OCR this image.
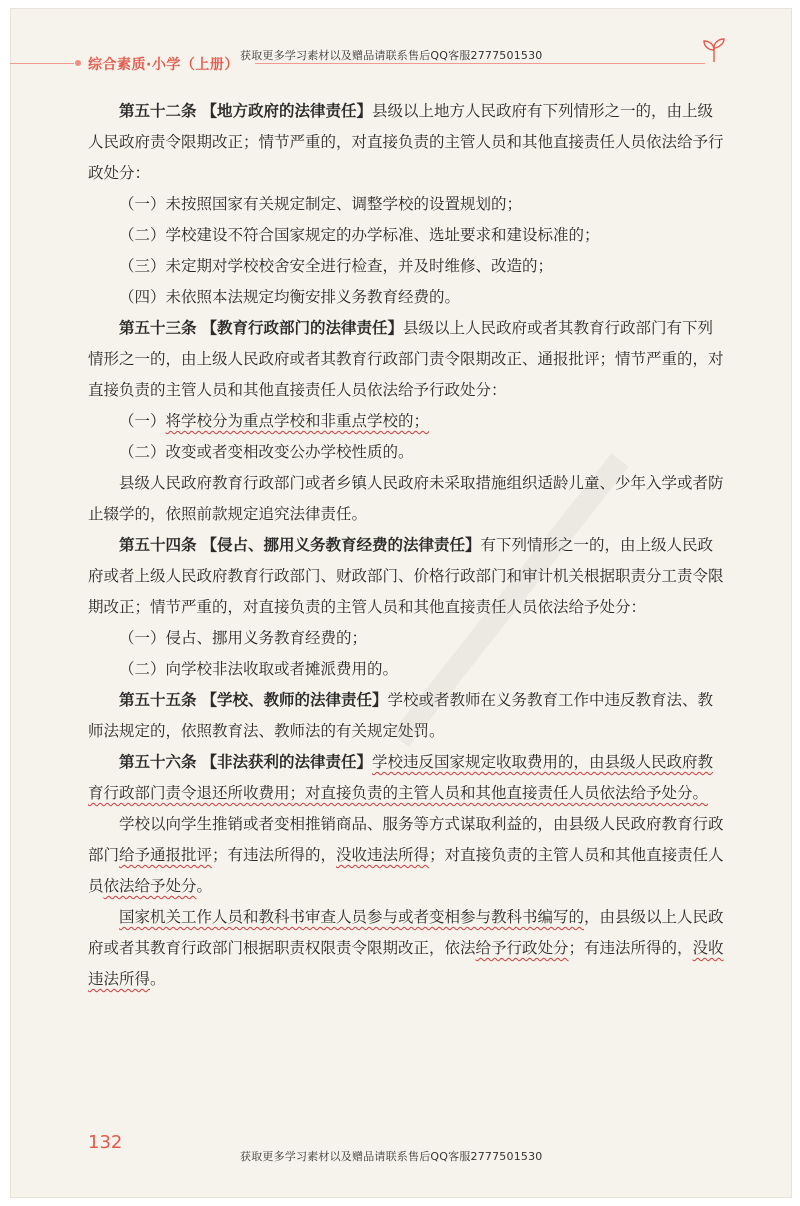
综合素质·小学（上册）
获取更多学习素材以及赠品请联系售后QQ客服2777501530

第五十二条 【地方政府的法律责任】县级以上地方人民政府有下列情形之一的，由上级人民政府责令限期改正；情节严重的，对直接负责的主管人员和其他直接责任人员依法给予行政处分：

（一）未按照国家有关规定制定、调整学校的设置规划的；

（二）学校建设不符合国家规定的办学标准、选址要求和建设标准的；

（三）未定期对学校校舍安全进行检查，并及时维修、改造的；

（四）未依照本法规定均衡安排义务教育经费的。

第五十三条 【教育行政部门的法律责任】县级以上人民政府或者其教育行政部门有下列情形之一的，由上级人民政府或者其教育行政部门责令限期改正、通报批评；情节严重的，对直接负责的主管人员和其他直接责任人员依法给予行政处分：

（一）将学校分为重点学校和非重点学校的；

（二）改变或者变相改变公办学校性质的。

县级人民政府教育行政部门或者乡镇人民政府未采取措施组织适龄儿童、少年入学或者防止辍学的，依照前款规定追究法律责任。

第五十四条 【侵占、挪用义务教育经费的法律责任】有下列情形之一的，由上级人民政府或者上级人民政府教育行政部门、财政部门、价格行政部门和审计机关根据职责分工责令限期改正；情节严重的，对直接负责的主管人员和其他直接责任人员依法给予处分：

（一）侵占、挪用义务教育经费的；

（二）向学校非法收取或者摊派费用的。

第五十五条 【学校、教师的法律责任】学校或者教师在义务教育工作中违反教育法、教师法规定的，依照教育法、教师法的有关规定处罚。

第五十六条 【非法获利的法律责任】学校违反国家规定收取费用的，由县级人民政府教育行政部门责令退还所收费用；对直接负责的主管人员和其他直接责任人员依法给予处分。

学校以向学生推销或者变相推销商品、服务等方式谋取利益的，由县级人民政府教育行政部门给予通报批评；有违法所得的，没收违法所得；对直接负责的主管人员和其他直接责任人员依法给予处分。

国家机关工作人员和教科书审查人员参与或者变相参与教科书编写的，由县级以上人民政府或者其教育行政部门根据职责权限责令限期改正，依法给予行政处分；有违法所得的，没收违法所得。

132
获取更多学习素材以及赠品请联系售后QQ客服2777501530
